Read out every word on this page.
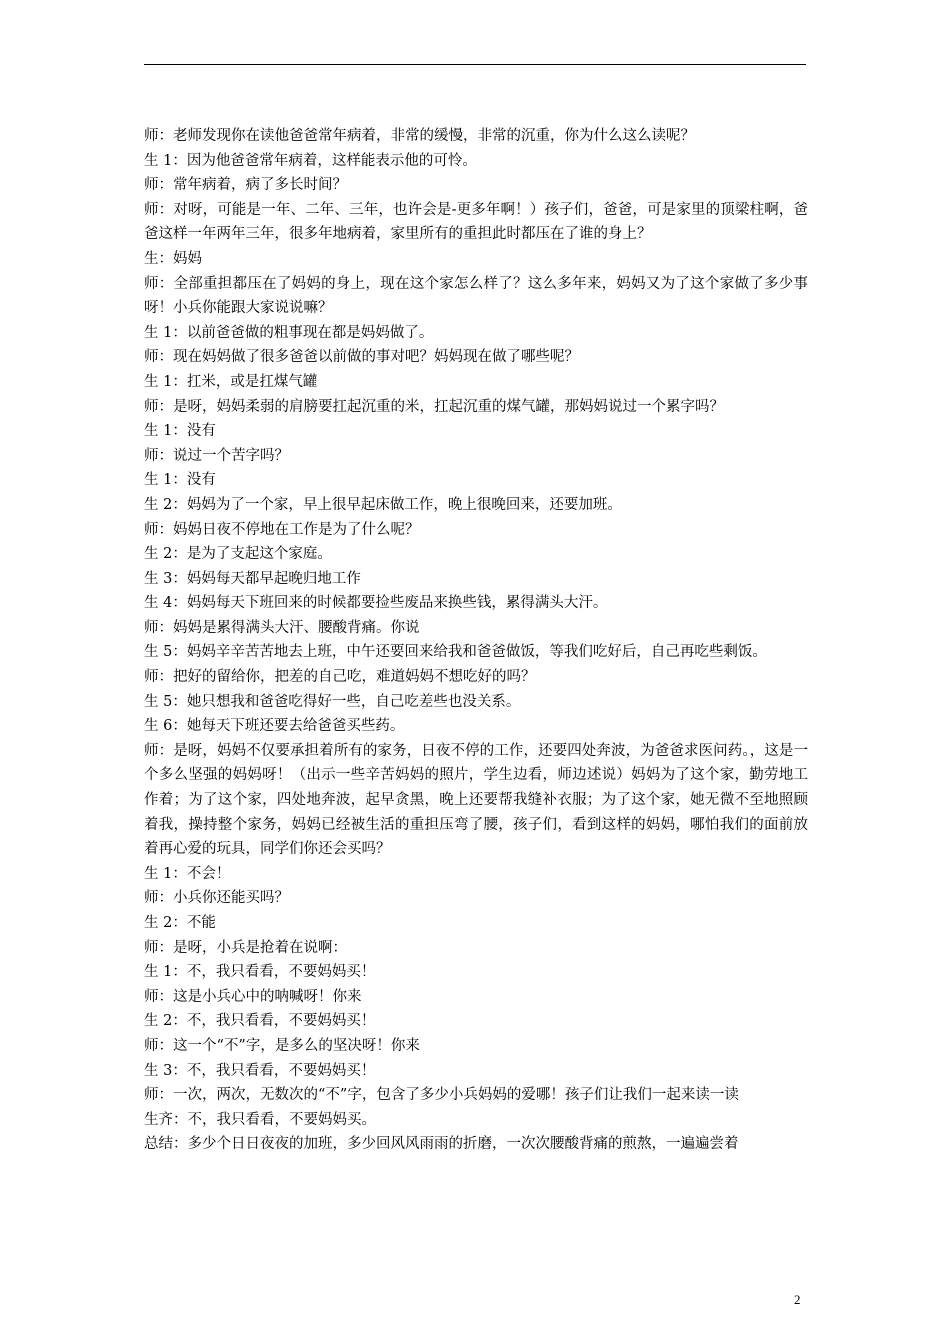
师：老师发现你在读他爸爸常年病着，非常的缓慢，非常的沉重，你为什么这么读呢？
生 1：因为他爸爸常年病着，这样能表示他的可怜。
师：常年病着，病了多长时间？
师：对呀，可能是一年、二年、三年，也许会是-更多年啊！）孩子们，爸爸，可是家里的顶梁柱啊，爸爸这样一年两年三年，很多年地病着，家里所有的重担此时都压在了谁的身上？
生：妈妈
师：全部重担都压在了妈妈的身上，现在这个家怎么样了？这么多年来，妈妈又为了这个家做了多少事呀！小兵你能跟大家说说嘛？
生 1：以前爸爸做的粗事现在都是妈妈做了。
师：现在妈妈做了很多爸爸以前做的事对吧？妈妈现在做了哪些呢？
生 1：扛米，或是扛煤气罐
师：是呀，妈妈柔弱的肩膀要扛起沉重的米，扛起沉重的煤气罐，那妈妈说过一个累字吗？
生 1：没有
师：说过一个苦字吗？
生 1：没有
生 2：妈妈为了一个家，早上很早起床做工作，晚上很晚回来，还要加班。
师：妈妈日夜不停地在工作是为了什么呢？
生 2：是为了支起这个家庭。
生 3：妈妈每天都早起晚归地工作
生 4：妈妈每天下班回来的时候都要捡些废品来换些钱，累得满头大汗。
师：妈妈是累得满头大汗、腰酸背痛。你说
生 5：妈妈辛辛苦苦地去上班，中午还要回来给我和爸爸做饭，等我们吃好后，自己再吃些剩饭。
师：把好的留给你，把差的自己吃，难道妈妈不想吃好的吗？
生 5：她只想我和爸爸吃得好一些，自己吃差些也没关系。
生 6：她每天下班还要去给爸爸买些药。
师：是呀，妈妈不仅要承担着所有的家务，日夜不停的工作，还要四处奔波，为爸爸求医问药。，这是一个多么坚强的妈妈呀！（出示一些辛苦妈妈的照片，学生边看，师边述说）妈妈为了这个家，勤劳地工作着；为了这个家，四处地奔波，起早贪黑，晚上还要帮我缝补衣服；为了这个家，她无微不至地照顾着我，操持整个家务，妈妈已经被生活的重担压弯了腰，孩子们，看到这样的妈妈，哪怕我们的面前放着再心爱的玩具，同学们你还会买吗？
生 1：不会！
师：小兵你还能买吗？
生 2：不能
师：是呀，小兵是抢着在说啊：
生 1：不，我只看看，不要妈妈买！
师：这是小兵心中的呐喊呀！你来
生 2：不，我只看看，不要妈妈买！
师：这一个“不”字，是多么的坚决呀！你来
生 3：不，我只看看，不要妈妈买！
师：一次，两次，无数次的“不”字，包含了多少小兵妈妈的爱哪！孩子们让我们一起来读一读
生齐：不，我只看看，不要妈妈买。
总结：多少个日日夜夜的加班，多少回风风雨雨的折磨，一次次腰酸背痛的煎熬，一遍遍尝着
2
